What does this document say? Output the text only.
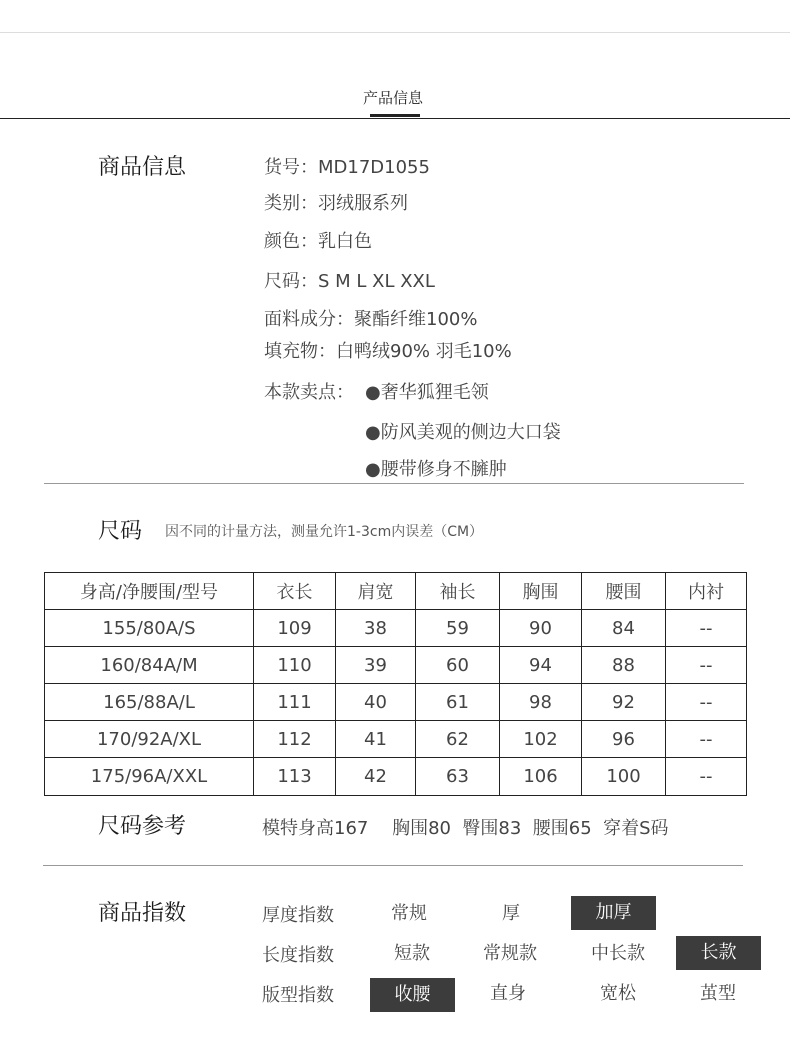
产品信息
商品信息	货号：MD17D1055
类别：羽绒服系列
颜色：乳白色
尺码：S M L XL XXL
面料成分：聚酯纤维100%
填充物：白鸭绒90% 羽毛10%
本款卖点： ●奢华狐狸毛领
●防风美观的侧边大口袋
●腰带修身不臃肿
尺码 因不同的计量方法，测量允许1-3cm内误差（CM）
身高/净腰围/型号	衣长	肩宽	袖长	胸围	腰围	内衬
155/80A/S	109	38	59	90	84	--
160/84A/M	110	39	60	94	88	--
165/88A/L	111	40	61	98	92	--
170/92A/XL	112	41	62	102	96	--
175/96A/XXL	113	42	63	106	100	--
尺码参考	模特身高167　 胸围80  臀围83  腰围65  穿着S码
商品指数	厚度指数	常规	厚	加厚
长度指数	短款	常规款	中长款	长款
版型指数	收腰	直身	宽松	茧型
